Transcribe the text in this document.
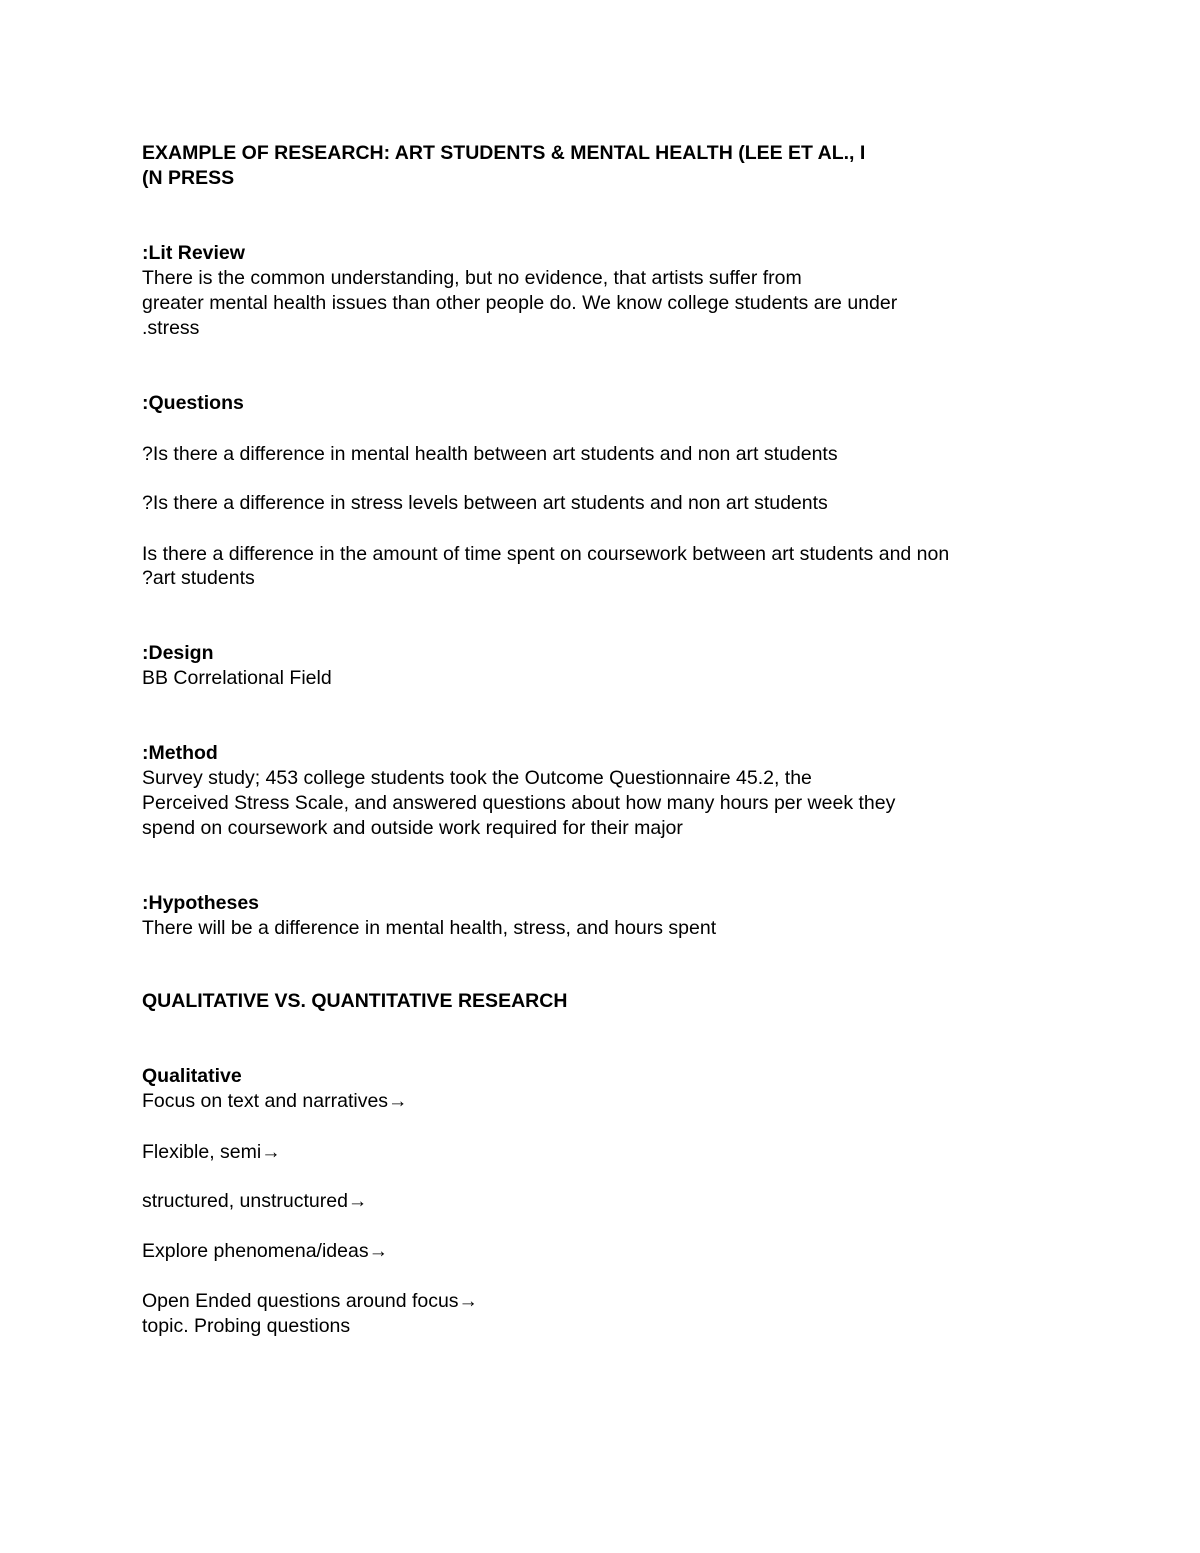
EXAMPLE OF RESEARCH: ART STUDENTS & MENTAL HEALTH (LEE ET AL., I

(N PRESS

:Lit Review

There is the common understanding, but no evidence, that artists suffer from

greater mental health issues than other people do. We know college students are under

.stress

:Questions

?Is there a difference in mental health between art students and non art students

?Is there a difference in stress levels between art students and non art students

Is there a difference in the amount of time spent on coursework between art students and non

?art students

:Design

BB Correlational Field

:Method

Survey study; 453 college students took the Outcome Questionnaire 45.2, the

Perceived Stress Scale, and answered questions about how many hours per week they

spend on coursework and outside work required for their major

:Hypotheses

There will be a difference in mental health, stress, and hours spent

QUALITATIVE VS. QUANTITATIVE RESEARCH

Qualitative

Focus on text and narratives→

Flexible, semi→

structured, unstructured→

Explore phenomena/ideas→

Open Ended questions around focus→

topic. Probing questions
